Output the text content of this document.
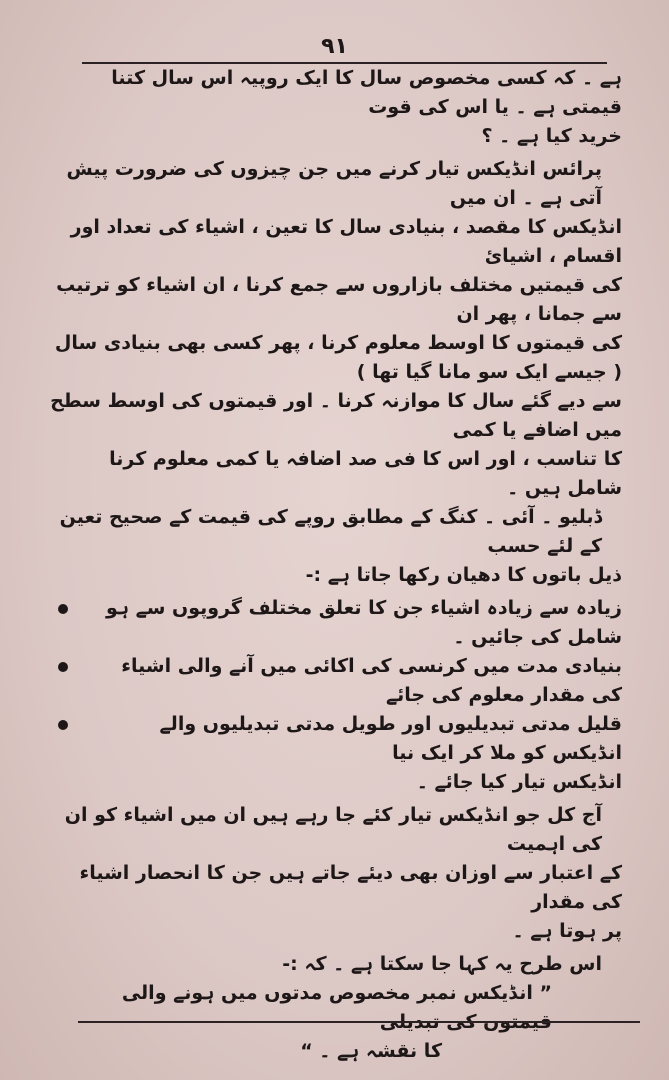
۹۱

ہے ۔ کہ کسی مخصوص سال کا ایک روپیہ اس سال کتنا قیمتی ہے ۔ یا اس کی قوت

خرید کیا ہے ۔ ؟

پرائس انڈیکس تیار کرنے میں جن چیزوں کی ضرورت پیش آتی ہے ۔ ان میں

انڈیکس کا مقصد ، بنیادی سال کا تعین ، اشیاء کی تعداد اور اقسام ، اشیائ

کی قیمتیں مختلف بازاروں سے جمع کرنا ، ان اشیاء کو ترتیب سے جمانا ، پھر ان

کی قیمتوں کا اوسط معلوم کرنا ، پھر کسی بھی بنیادی سال ( جیسے ایک سو مانا گیا تھا )

سے دیے گئے سال کا موازنہ کرنا ۔ اور قیمتوں کی اوسط سطح میں اضافے یا کمی

کا تناسب ، اور اس کا فی صد اضافہ یا کمی معلوم کرنا شامل ہیں ۔

ڈبلیو ۔ آئی ۔ کنگ کے مطابق روپے کی قیمت کے صحیح تعین کے لئے حسب

ذیل باتوں کا دھیان رکھا جاتا ہے :-

زیادہ سے زیادہ اشیاء جن کا تعلق مختلف گروپوں سے ہو شامل کی جائیں ۔
بنیادی مدت میں کرنسی کی اکائی میں آنے والی اشیاء کی مقدار معلوم کی جائے
قلیل مدتی تبدیلیوں اور طویل مدتی تبدیلیوں والے انڈیکس کو ملا کر ایک نیا
انڈیکس تیار کیا جائے ۔

آج کل جو انڈیکس تیار کئے جا رہے ہیں ان میں اشیاء کو ان کی اہمیت

کے اعتبار سے اوزان بھی دیئے جاتے ہیں جن کا انحصار اشیاء کی مقدار

پر ہوتا ہے ۔

اس طرح یہ کہا جا سکتا ہے ۔ کہ :-

” انڈیکس نمبر مخصوص مدتوں میں ہونے والی قیمتوں کی تبدیلی

کا نقشہ ہے ۔ “
